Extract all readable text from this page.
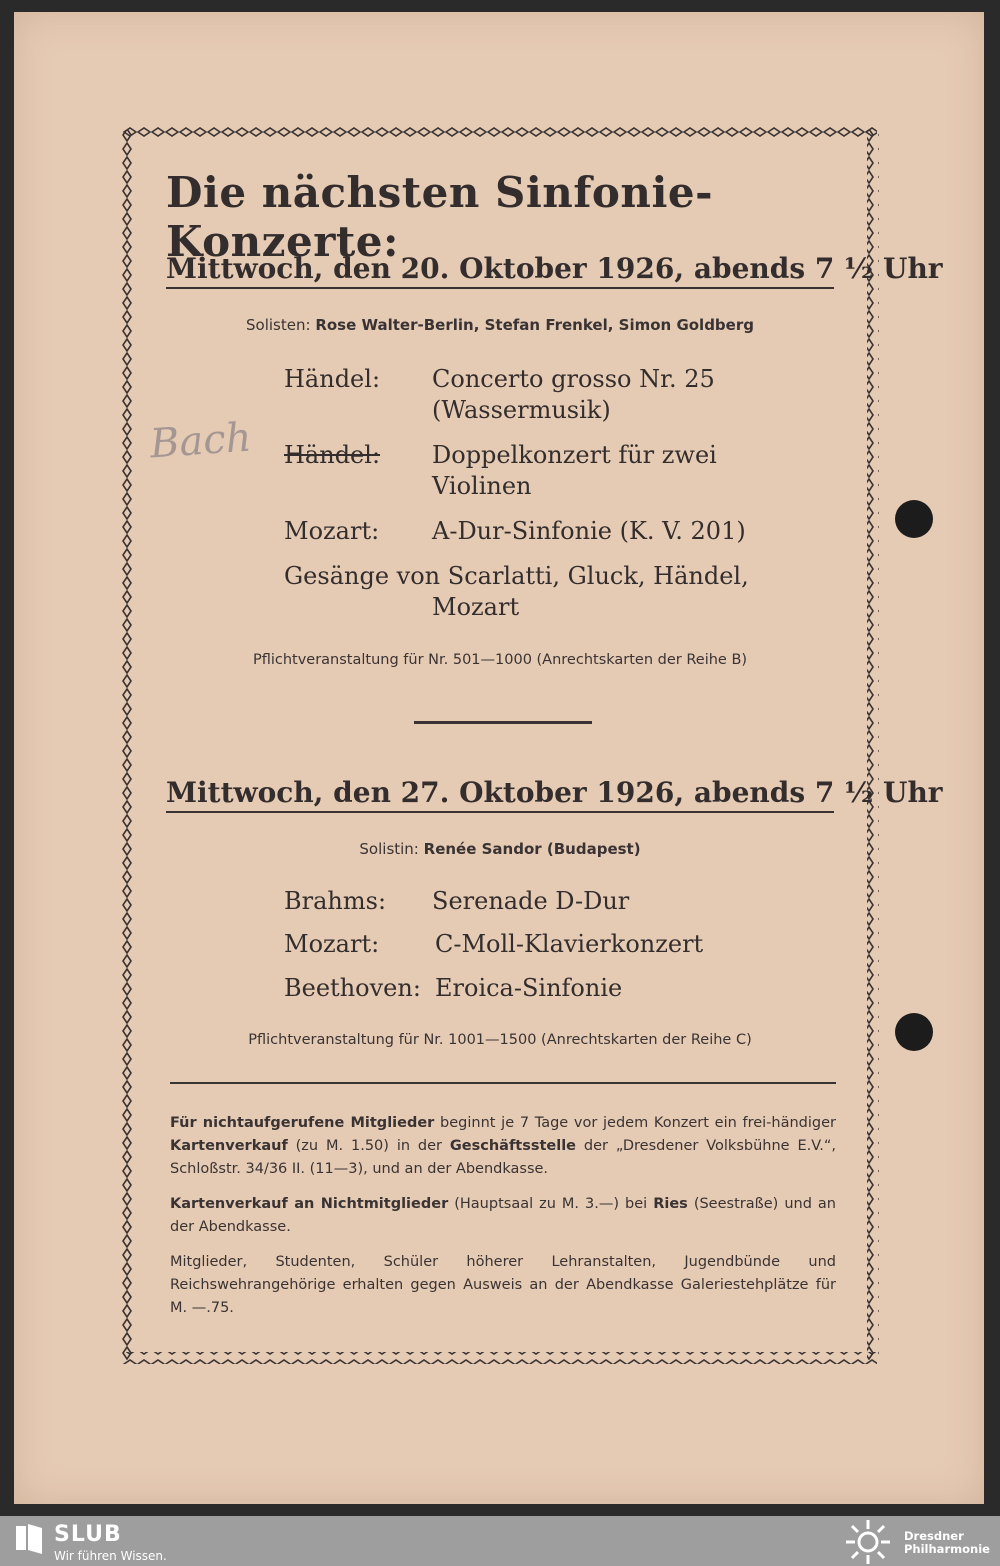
Die nächsten Sinfonie-Konzerte:
Mittwoch, den 20. Oktober 1926, abends 7 ½ Uhr
Solisten: Rose Walter-Berlin, Stefan Frenkel, Simon Goldberg
Händel: Concerto grosso Nr. 25
(Wassermusik)
Bach Händel: Doppelkonzert für zwei
Violinen
Mozart: A-Dur-Sinfonie (K. V. 201)
Gesänge von Scarlatti, Gluck, Händel,
Mozart
Pflichtveranstaltung für Nr. 501—1000 (Anrechtskarten der Reihe B)
Mittwoch, den 27. Oktober 1926, abends 7 ½ Uhr
Solistin: Renée Sandor (Budapest)
Brahms: Serenade D-Dur
Mozart: C-Moll-Klavierkonzert
Beethoven: Eroica-Sinfonie
Pflichtveranstaltung für Nr. 1001—1500 (Anrechtskarten der Reihe C)
Für nichtaufgerufene Mitglieder beginnt je 7 Tage vor jedem Konzert ein frei-händiger Kartenverkauf (zu M. 1.50) in der Geschäftsstelle der „Dresdener Volksbühne E.V.“, Schloßstr. 34/36 II. (11—3), und an der Abendkasse.
Kartenverkauf an Nichtmitglieder (Hauptsaal zu M. 3.—) bei Ries (Seestraße) und an der Abendkasse.
Mitglieder, Studenten, Schüler höherer Lehranstalten, Jugendbünde und Reichswehrangehörige erhalten gegen Ausweis an der Abendkasse Galeriestehplätze für M. —.75.
SLUB
Wir führen Wissen.
Dresdner
Philharmonie
